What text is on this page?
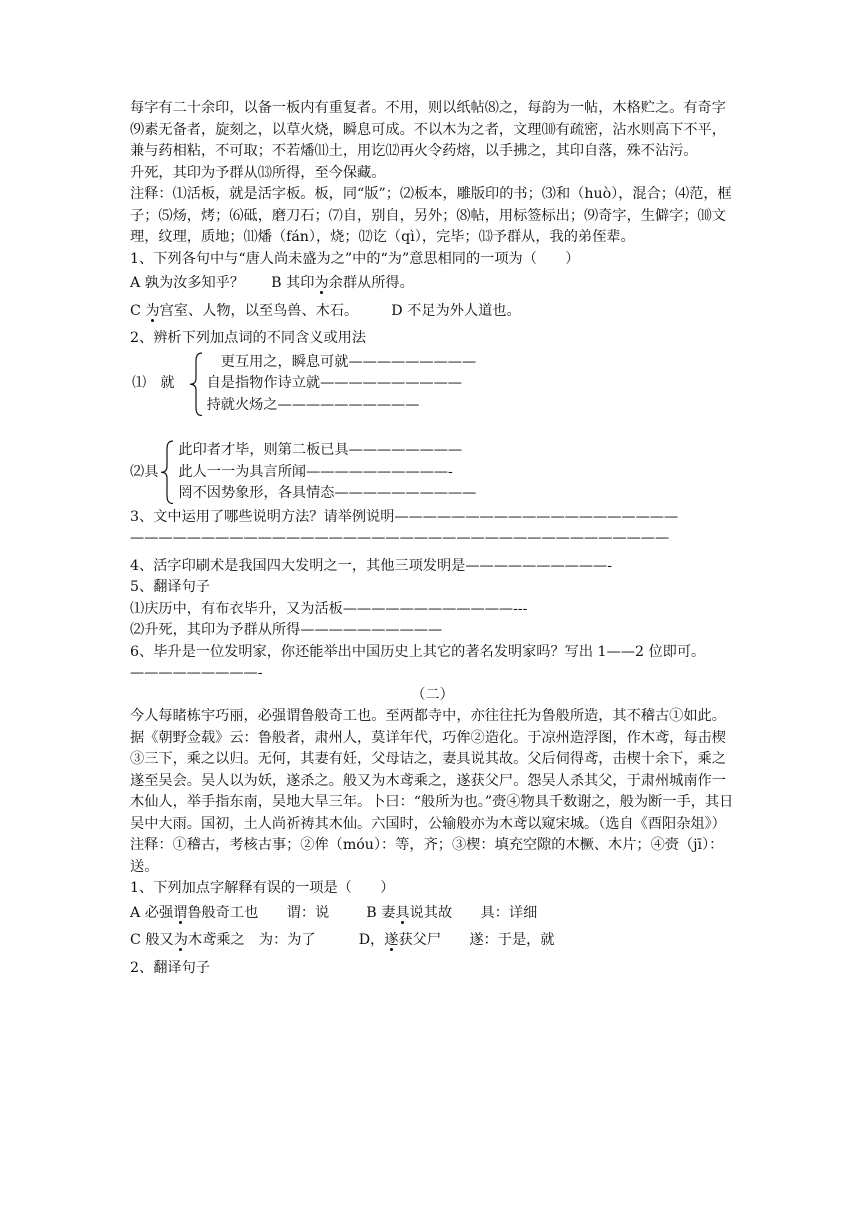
每字有二十余印，以备一板内有重复者。不用，则以纸帖⑻之，每韵为一帖，木格贮之。有奇字⑼素无备者，旋刻之，以草火烧，瞬息可成。不以木为之者，文理⑽有疏密，沾水则高下不平，兼与药相粘，不可取；不若燔⑾土，用讫⑿再火令药熔，以手拂之，其印自落，殊不沾污。

升死，其印为予群从⒀所得，至今保藏。

注释：⑴活板，就是活字板。板，同“版”；⑵板本，雕版印的书；⑶和（huò），混合；⑷范，框子；⑸炀，烤；⑹砥，磨刀石；⑺自，别自，另外；⑻帖，用标签标出；⑼奇字，生僻字；⑽文理，纹理，质地；⑾燔（fán），烧；⑿讫（qì），完毕；⒀予群从，我的弟侄辈。

1、下列各句中与“唐人尚未盛为之”中的“为”意思相同的一项为（　　）

A 孰为汝多知乎？ B 其印为余群从所得。

C 为宫室、人物，以至鸟兽、木石。 D 不足为外人道也。

2、辨析下列加点词的不同含义或用法

⑴　就

　更互用之，瞬息可就—————————

自是指物作诗立就——————————

持就火炀之——————————

⑵具

此印者才毕，则第二板已具————————

此人一一为具言所闻——————————-

罔不因势象形，各具情态——————————

3、文中运用了哪些说明方法？请举例说明————————————————————

——————————————————————————————————————

4、活字印刷术是我国四大发明之一，其他三项发明是——————————-

5、翻译句子

⑴庆历中，有布衣毕升，又为活板————————————---

⑵升死，其印为予群从所得——————————

6、毕升是一位发明家，你还能举出中国历史上其它的著名发明家吗？写出 1——2 位即可。

—————————-

（二）

今人每睹栋宇巧丽，必强谓鲁般奇工也。至两都寺中，亦往往托为鲁般所造，其不稽古①如此。

据《朝野佥载》云：鲁般者，肃州人，莫详年代，巧侔②造化。于凉州造浮图，作木鸢，每击楔③三下，乘之以归。无何，其妻有妊，父母诘之，妻具说其故。父后伺得鸢，击楔十余下，乘之遂至吴会。吴人以为妖，遂杀之。般又为木鸢乘之，遂获父尸。怨吴人杀其父，于肃州城南作一木仙人，举手指东南，吴地大旱三年。卜曰：“般所为也。”赍④物具千数谢之，般为断一手，其日吴中大雨。国初，土人尚祈祷其木仙。六国时，公输般亦为木鸢以窥宋城。（选自《酉阳杂俎》）

注释：①稽古，考核古事；②侔（móu）：等，齐；③楔：填充空隙的木橛、木片；④赍（jī）：送。

1、下列加点字解释有误的一项是（　　）

A 必强谓鲁般奇工也　　谓：说	B 妻具说其故　　具：详细

C 般又为木鸢乘之　为：为了	D，遂获父尸　　遂：于是，就

2、翻译句子
